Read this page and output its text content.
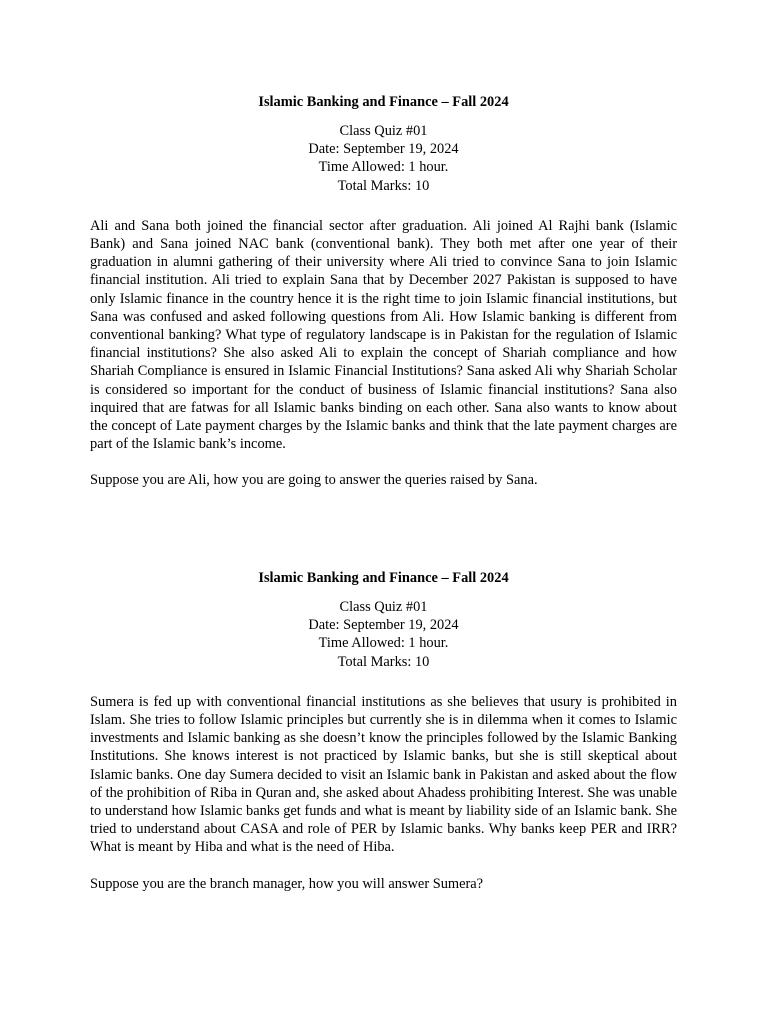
Islamic Banking and Finance – Fall 2024

Class Quiz #01
Date: September 19, 2024
Time Allowed: 1 hour.
Total Marks: 10

Ali and Sana both joined the financial sector after graduation. Ali joined Al Rajhi bank (Islamic Bank) and Sana joined NAC bank (conventional bank). They both met after one year of their graduation in alumni gathering of their university where Ali tried to convince Sana to join Islamic financial institution. Ali tried to explain Sana that by December 2027 Pakistan is supposed to have only Islamic finance in the country hence it is the right time to join Islamic financial institutions, but Sana was confused and asked following questions from Ali. How Islamic banking is different from conventional banking? What type of regulatory landscape is in Pakistan for the regulation of Islamic financial institutions? She also asked Ali to explain the concept of Shariah compliance and how Shariah Compliance is ensured in Islamic Financial Institutions? Sana asked Ali why Shariah Scholar is considered so important for the conduct of business of Islamic financial institutions? Sana also inquired that are fatwas for all Islamic banks binding on each other. Sana also wants to know about the concept of Late payment charges by the Islamic banks and think that the late payment charges are part of the Islamic bank’s income.

Suppose you are Ali, how you are going to answer the queries raised by Sana.

Islamic Banking and Finance – Fall 2024

Class Quiz #01
Date: September 19, 2024
Time Allowed: 1 hour.
Total Marks: 10

Sumera is fed up with conventional financial institutions as she believes that usury is prohibited in Islam. She tries to follow Islamic principles but currently she is in dilemma when it comes to Islamic investments and Islamic banking as she doesn’t know the principles followed by the Islamic Banking Institutions. She knows interest is not practiced by Islamic banks, but she is still skeptical about Islamic banks. One day Sumera decided to visit an Islamic bank in Pakistan and asked about the flow of the prohibition of Riba in Quran and, she asked about Ahadess prohibiting Interest. She was unable to understand how Islamic banks get funds and what is meant by liability side of an Islamic bank. She tried to understand about CASA and role of PER by Islamic banks. Why banks keep PER and IRR? What is meant by Hiba and what is the need of Hiba.

Suppose you are the branch manager, how you will answer Sumera?
